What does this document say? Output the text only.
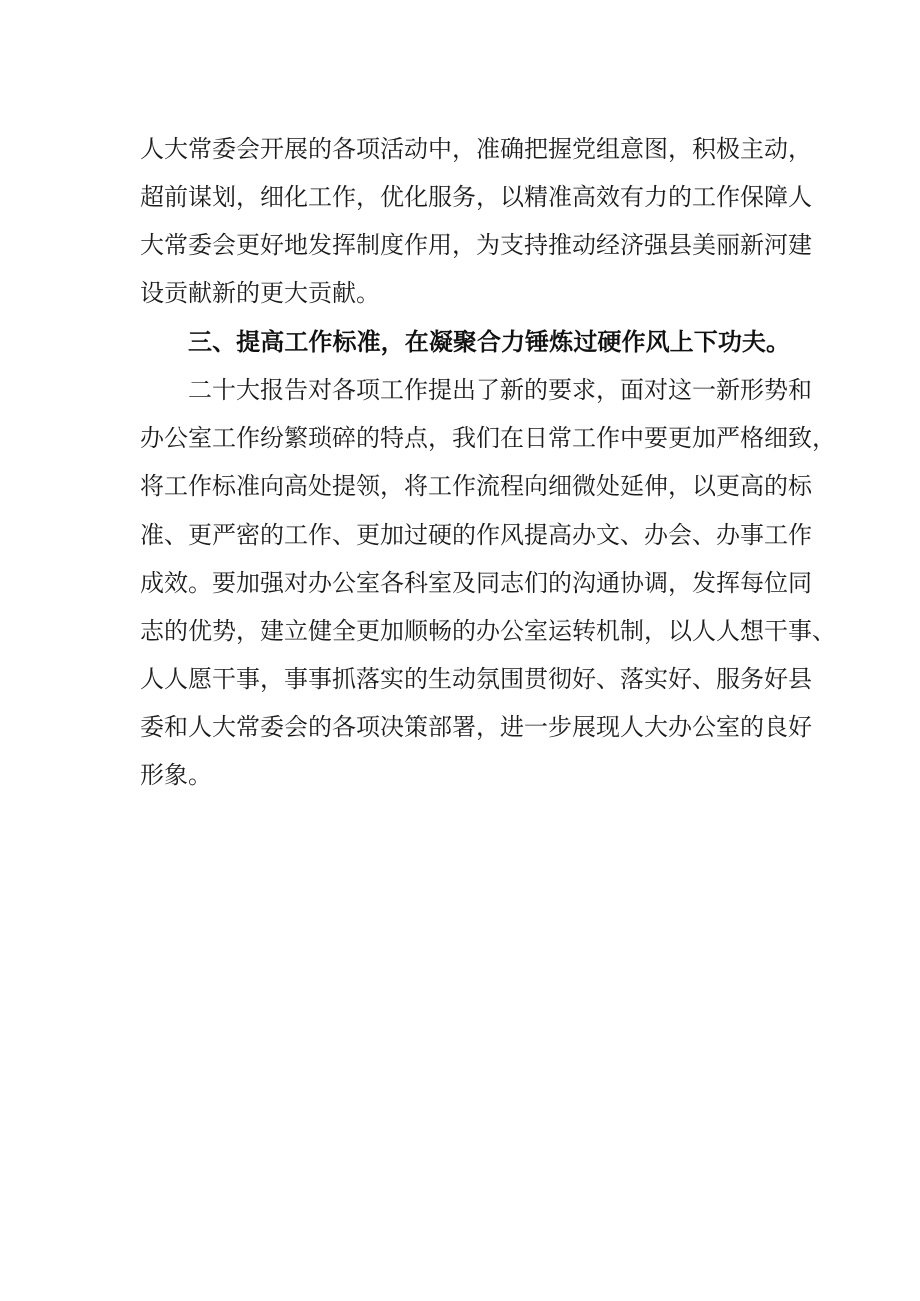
人大常委会开展的各项活动中，准确把握党组意图，积极主动，
超前谋划，细化工作，优化服务，以精准高效有力的工作保障人
大常委会更好地发挥制度作用，为支持推动经济强县美丽新河建
设贡献新的更大贡献。
三、提高工作标准，在凝聚合力锤炼过硬作风上下功夫。
二十大报告对各项工作提出了新的要求，面对这一新形势和
办公室工作纷繁琐碎的特点，我们在日常工作中要更加严格细致，
将工作标准向高处提领，将工作流程向细微处延伸，以更高的标
准、更严密的工作、更加过硬的作风提高办文、办会、办事工作
成效。要加强对办公室各科室及同志们的沟通协调，发挥每位同
志的优势，建立健全更加顺畅的办公室运转机制，以人人想干事、
人人愿干事，事事抓落实的生动氛围贯彻好、落实好、服务好县
委和人大常委会的各项决策部署，进一步展现人大办公室的良好
形象。
